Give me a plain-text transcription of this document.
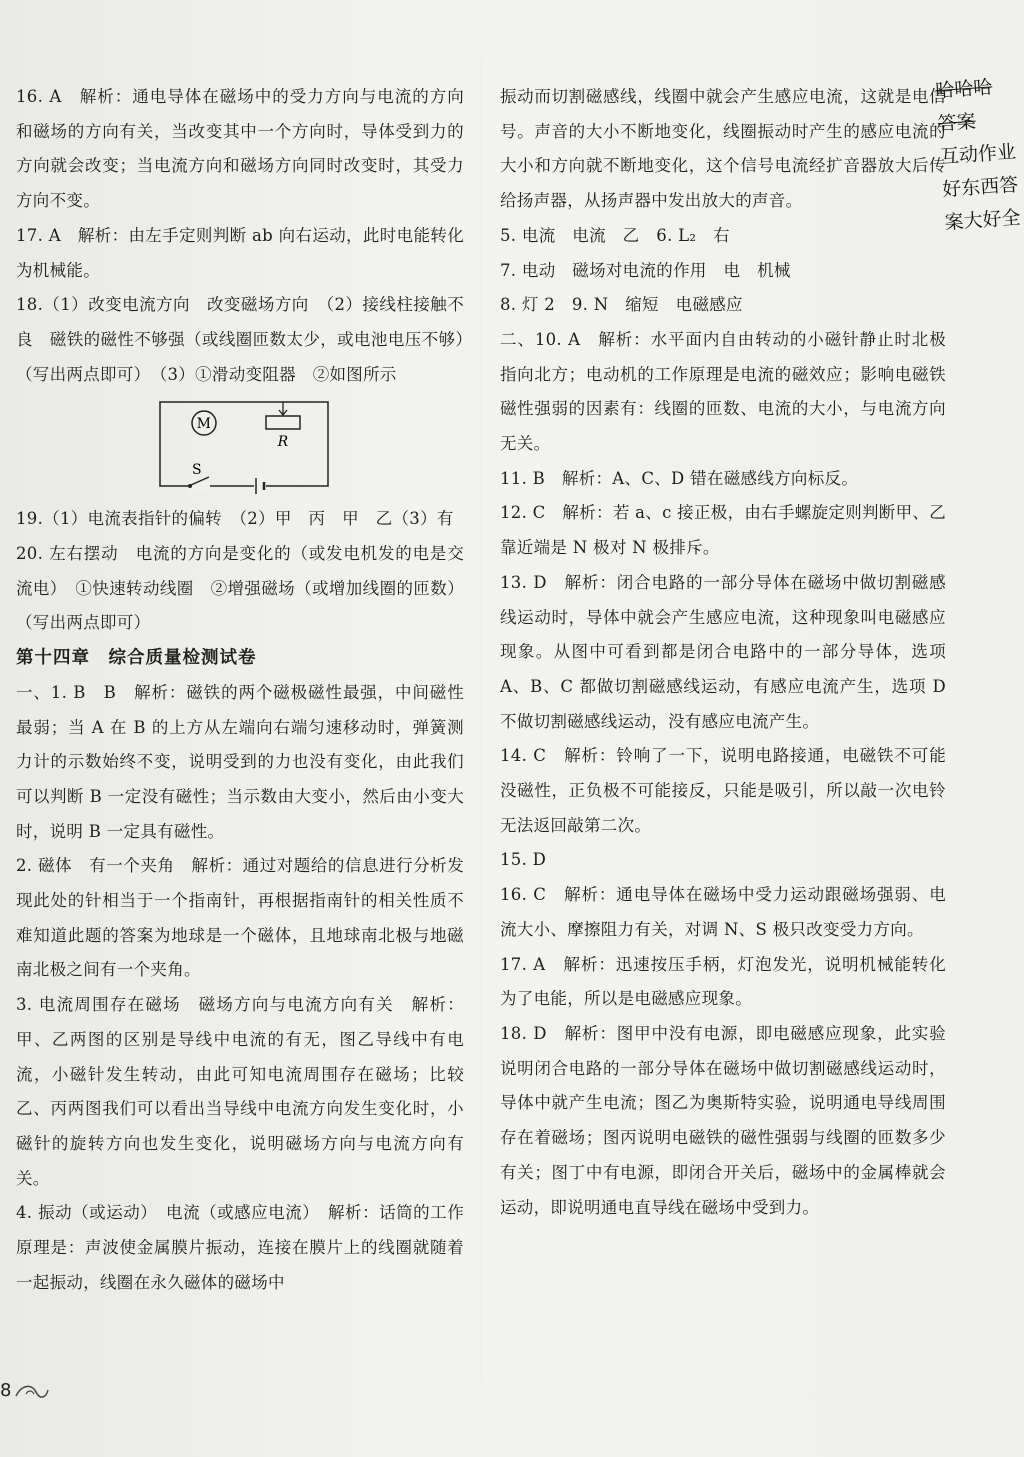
16. A　解析：通电导体在磁场中的受力方向与电流的方向和磁场的方向有关，当改变其中一个方向时，导体受到力的方向就会改变；当电流方向和磁场方向同时改变时，其受力方向不变。

17. A　解析：由左手定则判断 ab 向右运动，此时电能转化为机械能。

18.（1）改变电流方向　改变磁场方向　（2）接线柱接触不良　磁铁的磁性不够强（或线圈匝数太少，或电池电压不够）（写出两点即可）　（3）①滑动变阻器　②如图所示

M
R
S

19.（1）电流表指针的偏转　（2）甲　丙　甲　乙（3）有

20. 左右摆动　电流的方向是变化的（或发电机发的电是交流电）　①快速转动线圈　②增强磁场（或增加线圈的匝数）（写出两点即可）

第十四章　综合质量检测试卷

一、1. B　B　解析：磁铁的两个磁极磁性最强，中间磁性最弱；当 A 在 B 的上方从左端向右端匀速移动时，弹簧测力计的示数始终不变，说明受到的力也没有变化，由此我们可以判断 B 一定没有磁性；当示数由大变小，然后由小变大时，说明 B 一定具有磁性。

2. 磁体　有一个夹角　解析：通过对题给的信息进行分析发现此处的针相当于一个指南针，再根据指南针的相关性质不难知道此题的答案为地球是一个磁体，且地球南北极与地磁南北极之间有一个夹角。

3. 电流周围存在磁场　磁场方向与电流方向有关　解析：甲、乙两图的区别是导线中电流的有无，图乙导线中有电流，小磁针发生转动，由此可知电流周围存在磁场；比较乙、丙两图我们可以看出当导线中电流方向发生变化时，小磁针的旋转方向也发生变化，说明磁场方向与电流方向有关。

4. 振动（或运动）　电流（或感应电流）　解析：话筒的工作原理是：声波使金属膜片振动，连接在膜片上的线圈就随着一起振动，线圈在永久磁体的磁场中

振动而切割磁感线，线圈中就会产生感应电流，这就是电信号。声音的大小不断地变化，线圈振动时产生的感应电流的大小和方向就不断地变化，这个信号电流经扩音器放大后传给扬声器，从扬声器中发出放大的声音。

5. 电流　电流　乙　6. L₂　右

7. 电动　磁场对电流的作用　电　机械

8. 灯 2　9. N　缩短　电磁感应

二、10. A　解析：水平面内自由转动的小磁针静止时北极指向北方；电动机的工作原理是电流的磁效应；影响电磁铁磁性强弱的因素有：线圈的匝数、电流的大小，与电流方向无关。

11. B　解析：A、C、D 错在磁感线方向标反。

12. C　解析：若 a、c 接正极，由右手螺旋定则判断甲、乙靠近端是 N 极对 N 极排斥。

13. D　解析：闭合电路的一部分导体在磁场中做切割磁感线运动时，导体中就会产生感应电流，这种现象叫电磁感应现象。从图中可看到都是闭合电路中的一部分导体，选项 A、B、C 都做切割磁感线运动，有感应电流产生，选项 D 不做切割磁感线运动，没有感应电流产生。

14. C　解析：铃响了一下，说明电路接通，电磁铁不可能没磁性，正负极不可能接反，只能是吸引，所以敲一次电铃无法返回敲第二次。

15. D

16. C　解析：通电导体在磁场中受力运动跟磁场强弱、电流大小、摩擦阻力有关，对调 N、S 极只改变受力方向。

17. A　解析：迅速按压手柄，灯泡发光，说明机械能转化为了电能，所以是电磁感应现象。

18. D　解析：图甲中没有电源，即电磁感应现象，此实验说明闭合电路的一部分导体在磁场中做切割磁感线运动时，导体中就产生电流；图乙为奥斯特实验，说明通电导线周围存在着磁场；图丙说明电磁铁的磁性强弱与线圈的匝数多少有关；图丁中有电源，即闭合开关后，磁场中的金属棒就会运动，即说明通电直导线在磁场中受到力。

哈哈哈
答案
互动作业
好东西答
案大好全
8
